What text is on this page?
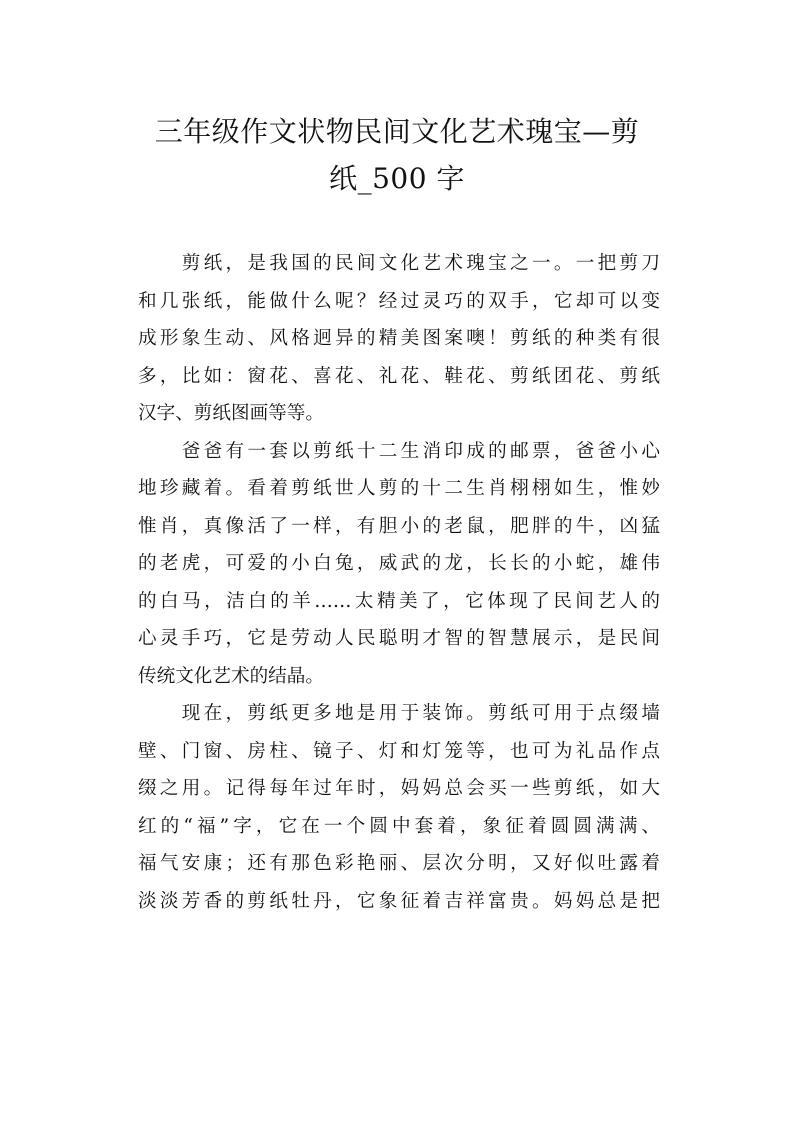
三年级作文状物民间文化艺术瑰宝—剪
纸_500 字

　　剪纸，是我国的民间文化艺术瑰宝之一。一把剪刀
和几张纸，能做什么呢？经过灵巧的双手，它却可以变
成形象生动、风格迥异的精美图案噢！剪纸的种类有很
多，比如：窗花、喜花、礼花、鞋花、剪纸团花、剪纸
汉字、剪纸图画等等。

　　爸爸有一套以剪纸十二生消印成的邮票，爸爸小心
地珍藏着。看着剪纸世人剪的十二生肖栩栩如生，惟妙
惟肖，真像活了一样，有胆小的老鼠，肥胖的牛，凶猛
的老虎，可爱的小白兔，威武的龙，长长的小蛇，雄伟
的白马，洁白的羊……太精美了，它体现了民间艺人的
心灵手巧，它是劳动人民聪明才智的智慧展示，是民间
传统文化艺术的结晶。

　　现在，剪纸更多地是用于装饰。剪纸可用于点缀墙
壁、门窗、房柱、镜子、灯和灯笼等，也可为礼品作点
缀之用。记得每年过年时，妈妈总会买一些剪纸，如大
红的“福”字，它在一个圆中套着，象征着圆圆满满、
福气安康；还有那色彩艳丽、层次分明，又好似吐露着
淡淡芳香的剪纸牡丹，它象征着吉祥富贵。妈妈总是把
